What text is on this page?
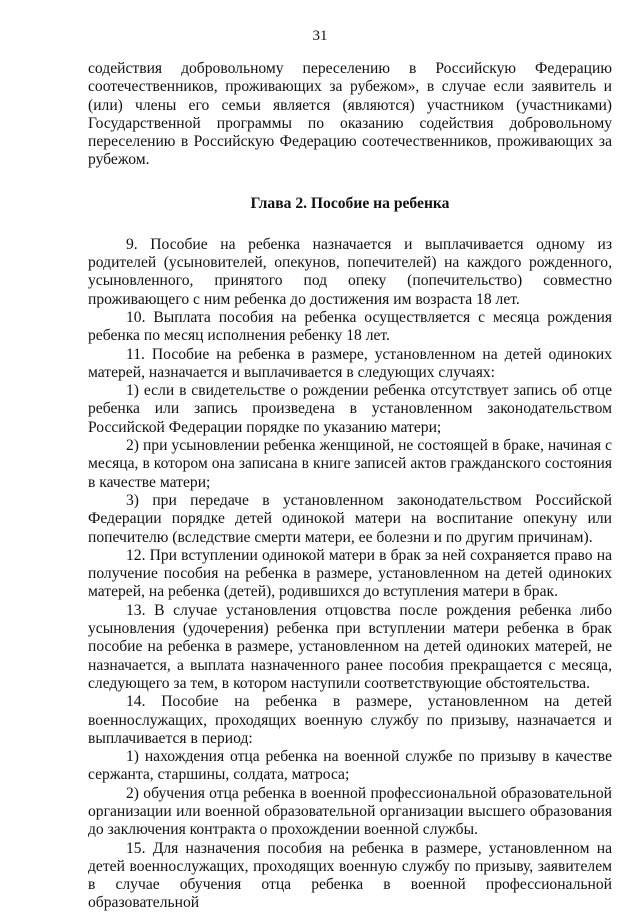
31

содействия добровольному переселению в Российскую Федерацию соотечественников, проживающих за рубежом», в случае если заявитель и (или) члены его семьи является (являются) участником (участниками) Государственной программы по оказанию содействия добровольному переселению в Российскую Федерацию соотечественников, проживающих за рубежом.

Глава 2. Пособие на ребенка

9. Пособие на ребенка назначается и выплачивается одному из родителей (усыновителей, опекунов, попечителей) на каждого рожденного, усыновленного, принятого под опеку (попечительство) совместно проживающего с ним ребенка до достижения им возраста 18 лет.

10. Выплата пособия на ребенка осуществляется с месяца рождения ребенка по месяц исполнения ребенку 18 лет.

11. Пособие на ребенка в размере, установленном на детей одиноких матерей, назначается и выплачивается в следующих случаях:

1) если в свидетельстве о рождении ребенка отсутствует запись об отце ребенка или запись произведена в установленном законодательством Российской Федерации порядке по указанию матери;

2) при усыновлении ребенка женщиной, не состоящей в браке, начиная с месяца, в котором она записана в книге записей актов гражданского состояния в качестве матери;

3) при передаче в установленном законодательством Российской Федерации порядке детей одинокой матери на воспитание опекуну или попечителю (вследствие смерти матери, ее болезни и по другим причинам).

12. При вступлении одинокой матери в брак за ней сохраняется право на получение пособия на ребенка в размере, установленном на детей одиноких матерей, на ребенка (детей), родившихся до вступления матери в брак.

13. В случае установления отцовства после рождения ребенка либо усыновления (удочерения) ребенка при вступлении матери ребенка в брак пособие на ребенка в размере, установленном на детей одиноких матерей, не назначается, а выплата назначенного ранее пособия прекращается с месяца, следующего за тем, в котором наступили соответствующие обстоятельства.

14. Пособие на ребенка в размере, установленном на детей военнослужащих, проходящих военную службу по призыву, назначается и выплачивается в период:

1) нахождения отца ребенка на военной службе по призыву в качестве сержанта, старшины, солдата, матроса;

2) обучения отца ребенка в военной профессиональной образовательной организации или военной образовательной организации высшего образования до заключения контракта о прохождении военной службы.

15. Для назначения пособия на ребенка в размере, установленном на детей военнослужащих, проходящих военную службу по призыву, заявителем в случае обучения отца ребенка в военной профессиональной образовательной
